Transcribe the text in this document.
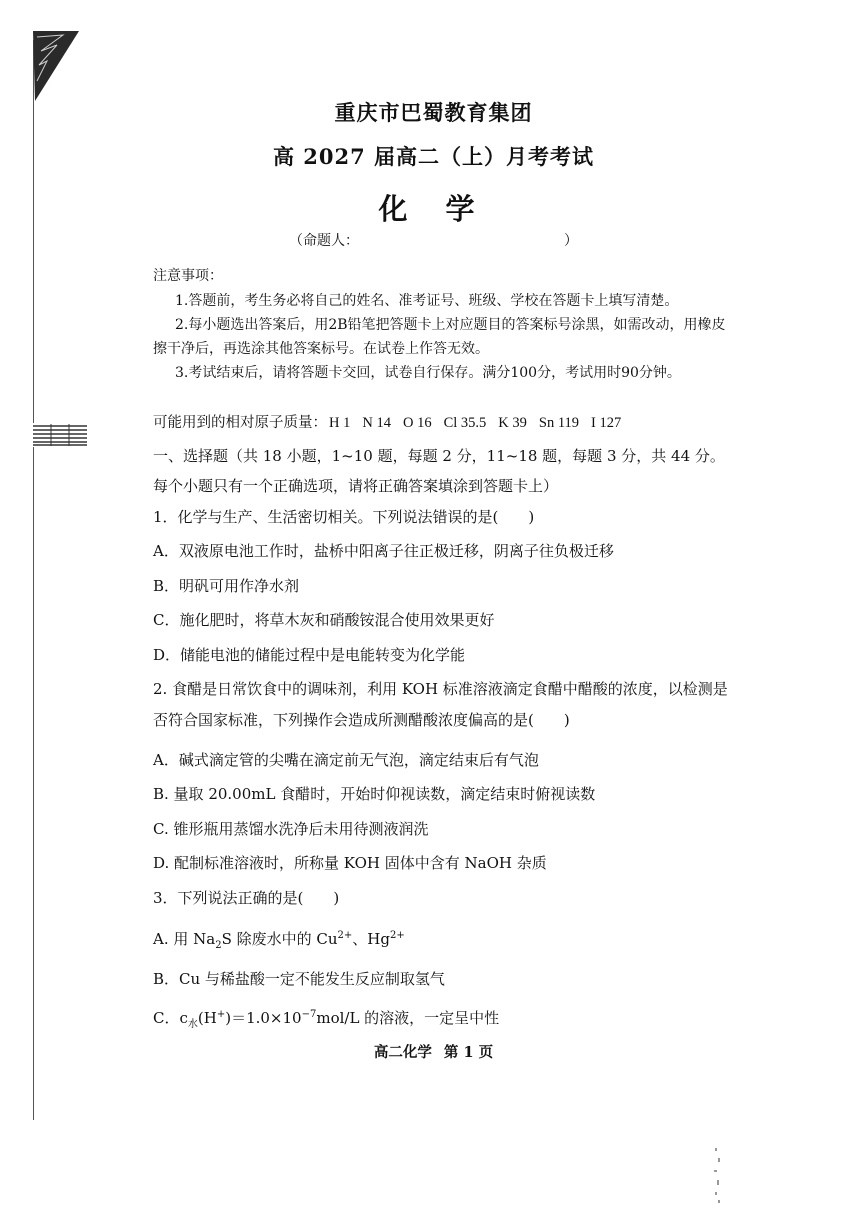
重庆市巴蜀教育集团
高 2027 届高二（上）月考考试
化 学
（命题人：	）
注意事项：
1.答题前，考生务必将自己的姓名、准考证号、班级、学校在答题卡上填写清楚。
2.每小题选出答案后，用2B铅笔把答题卡上对应题目的答案标号涂黑，如需改动，用橡皮擦干净后，再选涂其他答案标号。在试卷上作答无效。
3.考试结束后，请将答题卡交回，试卷自行保存。满分100分，考试用时90分钟。
可能用到的相对原子质量： H 1 N 14 O 16 Cl 35.5 K 39 Sn 119 I 127
一、选择题（共 18 小题，1~10 题，每题 2 分，11~18 题，每题 3 分，共 44 分。每个小题只有一个正确选项，请将正确答案填涂到答题卡上）
1．化学与生产、生活密切相关。下列说法错误的是(　　)
A．双液原电池工作时，盐桥中阳离子往正极迁移，阴离子往负极迁移
B．明矾可用作净水剂
C．施化肥时，将草木灰和硝酸铵混合使用效果更好
D．储能电池的储能过程中是电能转变为化学能
2. 食醋是日常饮食中的调味剂，利用 KOH 标准溶液滴定食醋中醋酸的浓度，以检测是否符合国家标准，下列操作会造成所测醋酸浓度偏高的是(　　)
A．碱式滴定管的尖嘴在滴定前无气泡，滴定结束后有气泡
B. 量取 20.00mL 食醋时，开始时仰视读数，滴定结束时俯视读数
C. 锥形瓶用蒸馏水洗净后未用待测液润洗
D. 配制标准溶液时，所称量 KOH 固体中含有 NaOH 杂质
3．下列说法正确的是(　　)
A. 用 $Na_2S$ 除废水中的 $Cu^{2+}$、$Hg^{2+}$
B．Cu 与稀盐酸一定不能发生反应制取氢气
C．$c_水(H^+)=1.0\times 10^{-7}mol/L$ 的溶液，一定呈中性
高二化学 第 1 页
